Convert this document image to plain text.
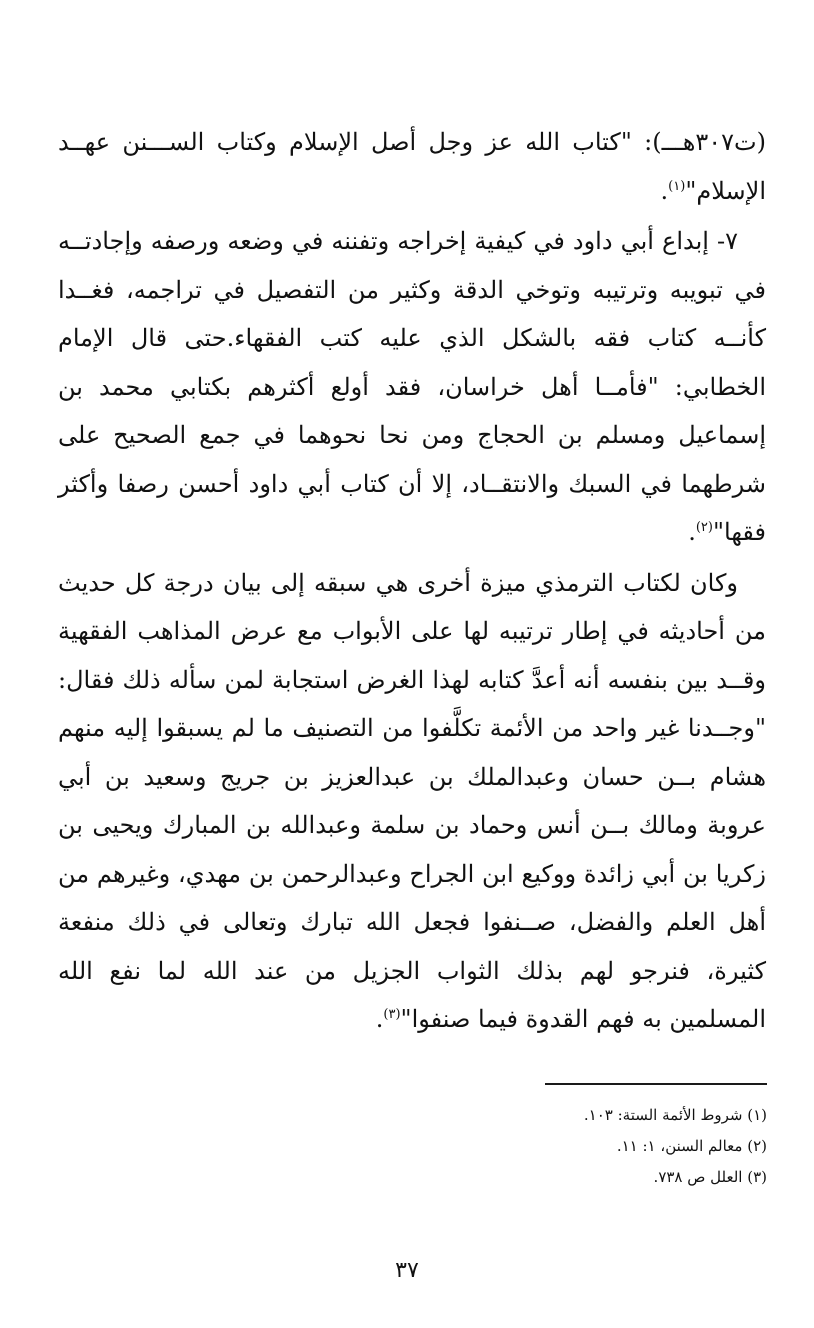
(ت٣٠٧هـــ): "كتاب الله عز وجل أصل الإسلام وكتاب الســـنن عهــد الإسلام"$^{(١)}$.

٧- إبداع أبي داود في كيفية إخراجه وتفننه في وضعه ورصفه وإجادتــه في تبويبه وترتيبه وتوخي الدقة وكثير من التفصيل في تراجمه، فغــدا كأنــه كتاب فقه بالشكل الذي عليه كتب الفقهاء.حتى قال الإمام الخطابي: "فأمــا أهل خراسان، فقد أولع أكثرهم بكتابي محمد بن إسماعيل ومسلم بن الحجاج ومن نحا نحوهما في جمع الصحيح على شرطهما في السبك والانتقــاد، إلا أن كتاب أبي داود أحسن رصفا وأكثر فقها"$^{(٢)}$.

وكان لكتاب الترمذي ميزة أخرى هي سبقه إلى بيان درجة كل حديث من أحاديثه في إطار ترتيبه لها على الأبواب مع عرض المذاهب الفقهية وقــد بين بنفسه أنه أعدَّ كتابه لهذا الغرض استجابة لمن سأله ذلك فقال: "وجــدنا غير واحد من الأئمة تكلَّفوا من التصنيف ما لم يسبقوا إليه منهم هشام بــن حسان وعبدالملك بن عبدالعزيز بن جريج وسعيد بن أبي عروبة ومالك بــن أنس وحماد بن سلمة وعبدالله بن المبارك ويحيى بن زكريا بن أبي زائدة ووكيع ابن الجراح وعبدالرحمن بن مهدي، وغيرهم من أهل العلم والفضل، صــنفوا فجعل الله تبارك وتعالى في ذلك منفعة كثيرة، فنرجو لهم بذلك الثواب الجزيل من عند الله لما نفع الله المسلمين به فهم القدوة فيما صنفوا"$^{(٣)}$.

(١) شروط الأئمة الستة: ١٠٣.

(٢) معالم السنن، ١: ١١.

(٣) العلل ص ٧٣٨.

٣٧
